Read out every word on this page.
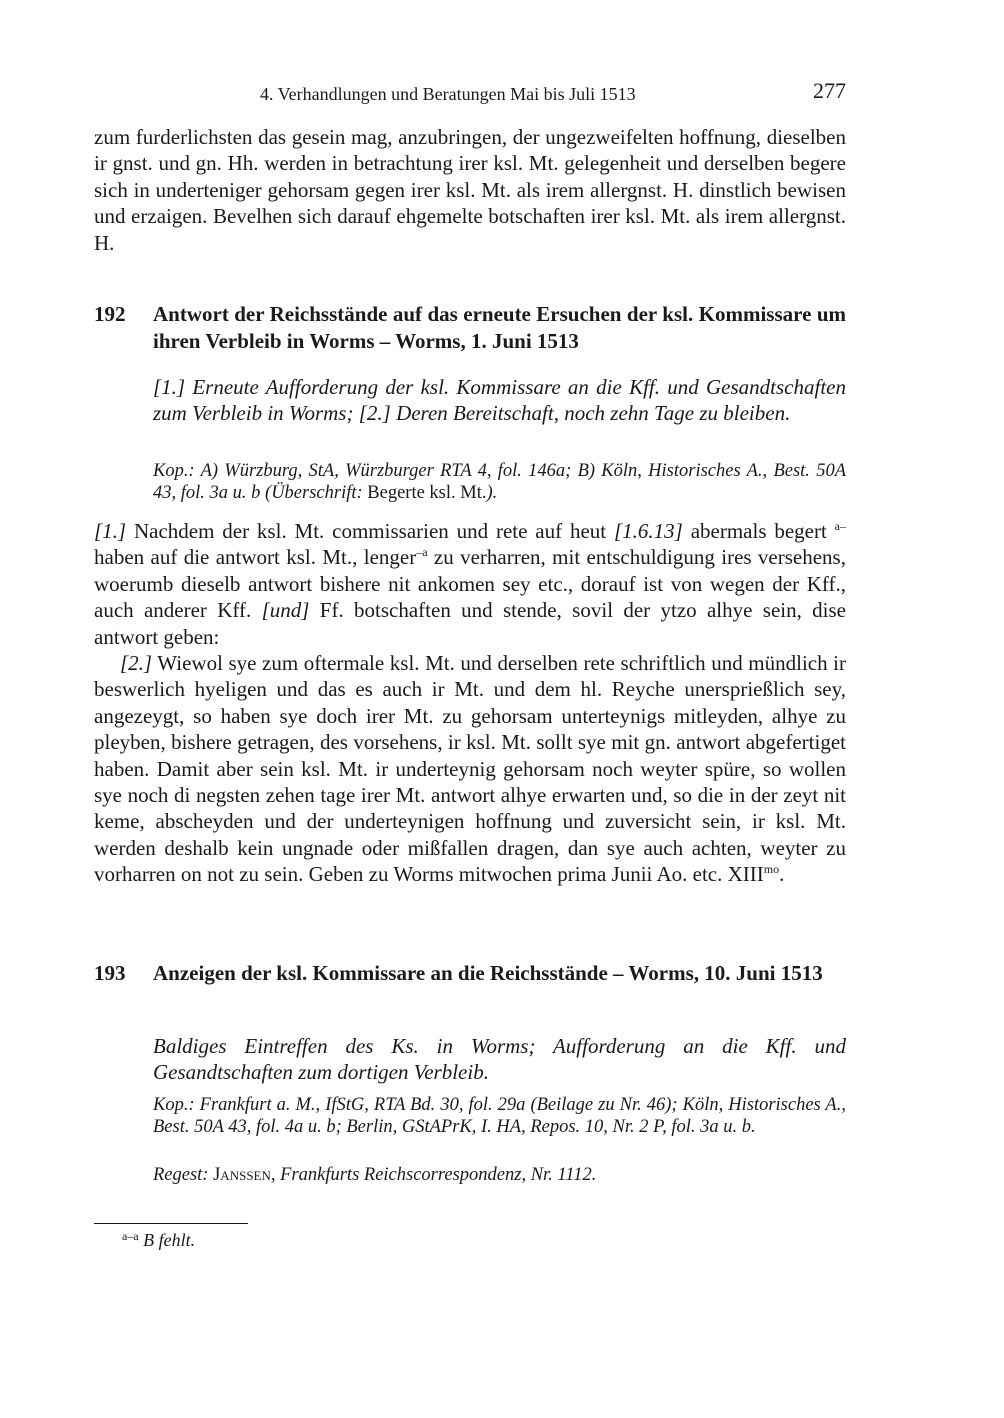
4. Verhandlungen und Beratungen Mai bis Juli 1513	277

zum furderlichsten das gesein mag, anzubringen, der ungezweifelten hoffnung, dieselben ir gnst. und gn. Hh. werden in betrachtung irer ksl. Mt. gelegenheit und derselben begere sich in underteniger gehorsam gegen irer ksl. Mt. als irem allergnst. H. dinstlich bewisen und erzaigen. Bevelhen sich darauf ehgemelte botschaften irer ksl. Mt. als irem allergnst. H.

192 Antwort der Reichsstände auf das erneute Ersuchen der ksl. Kommissare um ihren Verbleib in Worms – Worms, 1. Juni 1513

[1.] Erneute Aufforderung der ksl. Kommissare an die Kff. und Gesandtschaften zum Verbleib in Worms; [2.] Deren Bereitschaft, noch zehn Tage zu bleiben.

Kop.: A) Würzburg, StA, Würzburger RTA 4, fol. 146a; B) Köln, Historisches A., Best. 50A 43, fol. 3a u. b (Überschrift: Begerte ksl. Mt.).

[1.] Nachdem der ksl. Mt. commissarien und rete auf heut [1.6.13] abermals begert $^{a-}$haben auf die antwort ksl. Mt., lenger$^{-a}$ zu verharren, mit entschuldigung ires versehens, woerumb dieselb antwort bishere nit ankomen sey etc., dorauf ist von wegen der Kff., auch anderer Kff. [und] Ff. botschaften und stende, sovil der ytzo alhye sein, dise antwort geben:

[2.] Wiewol sye zum oftermale ksl. Mt. und derselben rete schriftlich und mündlich ir beswerlich hyeligen und das es auch ir Mt. und dem hl. Reyche unersprießlich sey, angezeygt, so haben sye doch irer Mt. zu gehorsam unterteynigs mitleyden, alhye zu pleyben, bishere getragen, des vorsehens, ir ksl. Mt. sollt sye mit gn. antwort abgefertiget haben. Damit aber sein ksl. Mt. ir underteynig gehorsam noch weyter spüre, so wollen sye noch di negsten zehen tage irer Mt. antwort alhye erwarten und, so die in der zeyt nit keme, abscheyden und der underteynigen hoffnung und zuversicht sein, ir ksl. Mt. werden deshalb kein ungnade oder mißfallen dragen, dan sye auch achten, weyter zu vorharren on not zu sein. Geben zu Worms mitwochen prima Junii Ao. etc. $XIII^{mo}$.

193 Anzeigen der ksl. Kommissare an die Reichsstände – Worms, 10. Juni 1513

Baldiges Eintreffen des Ks. in Worms; Aufforderung an die Kff. und Gesandtschaften zum dortigen Verbleib.

Kop.: Frankfurt a. M., IfStG, RTA Bd. 30, fol. 29a (Beilage zu Nr. 46); Köln, Historisches A., Best. 50A 43, fol. 4a u. b; Berlin, GStAPrK, I. HA, Repos. 10, Nr. 2 P, fol. 3a u. b.

Regest: Janssen, Frankfurts Reichscorrespondenz, Nr. 1112.

$^{a-a}$ B fehlt.
